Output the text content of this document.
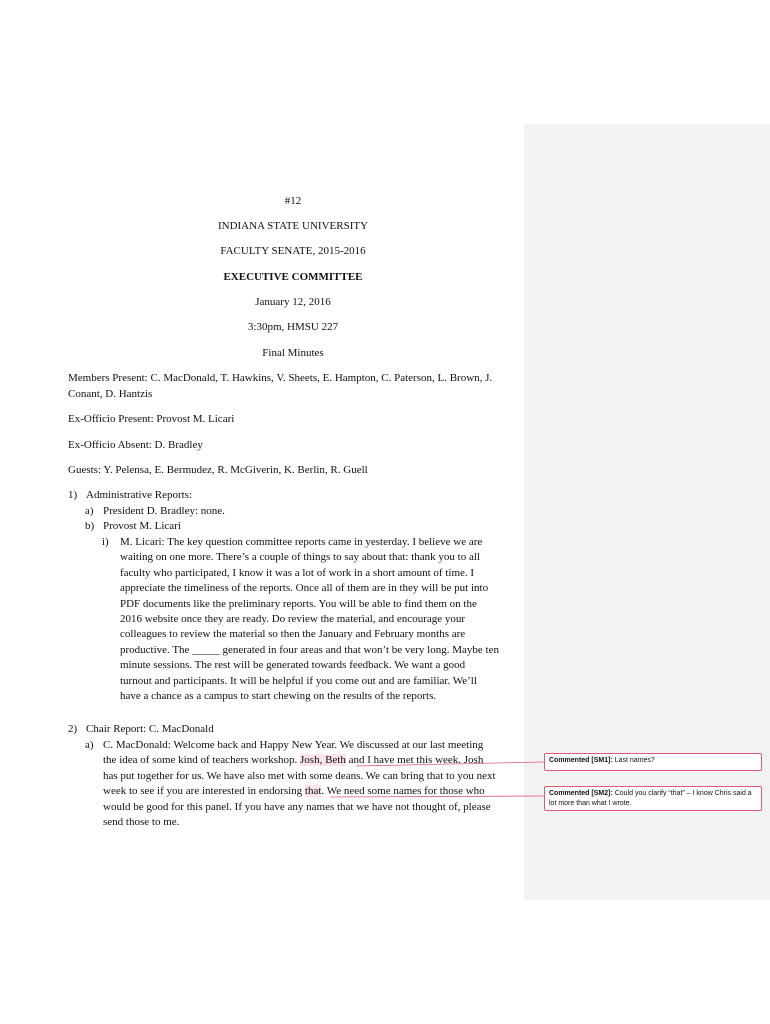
#12

INDIANA STATE UNIVERSITY

FACULTY SENATE, 2015-2016

EXECUTIVE COMMITTEE

January 12, 2016

3:30pm, HMSU 227

Final Minutes

Members Present: C. MacDonald, T. Hawkins, V. Sheets, E. Hampton, C. Paterson, L. Brown, J.

Conant, D. Hantzis

Ex-Officio Present: Provost M. Licari

Ex-Officio Absent: D. Bradley

Guests: Y. Pelensa, E. Bermudez, R. McGiverin, K. Berlin, R. Guell

1) Administrative Reports:
a) President D. Bradley: none.
b) Provost M. Licari
i) M. Licari: The key question committee reports came in yesterday. I believe we are
waiting on one more. There’s a couple of things to say about that: thank you to all
faculty who participated, I know it was a lot of work in a short amount of time. I
appreciate the timeliness of the reports. Once all of them are in they will be put into
PDF documents like the preliminary reports. You will be able to find them on the
2016 website once they are ready. Do review the material, and encourage your
colleagues to review the material so then the January and February months are
productive. The _____ generated in four areas and that won’t be very long. Maybe ten
minute sessions. The rest will be generated towards feedback. We want a good
turnout and participants. It will be helpful if you come out and are familiar. We’ll
have a chance as a campus to start chewing on the results of the reports.
2) Chair Report: C. MacDonald
a) C. MacDonald: Welcome back and Happy New Year. We discussed at our last meeting
the idea of some kind of teachers workshop. Josh, Beth and I have met this week. Josh
has put together for us. We have also met with some deans. We can bring that to you next
week to see if you are interested in endorsing that. We need some names for those who
would be good for this panel. If you have any names that we have not thought of, please
send those to me.
Commented [SM1]: Last names?
Commented [SM2]: Could you clarify “that” – I know Chris said a lot more than what I wrote.
